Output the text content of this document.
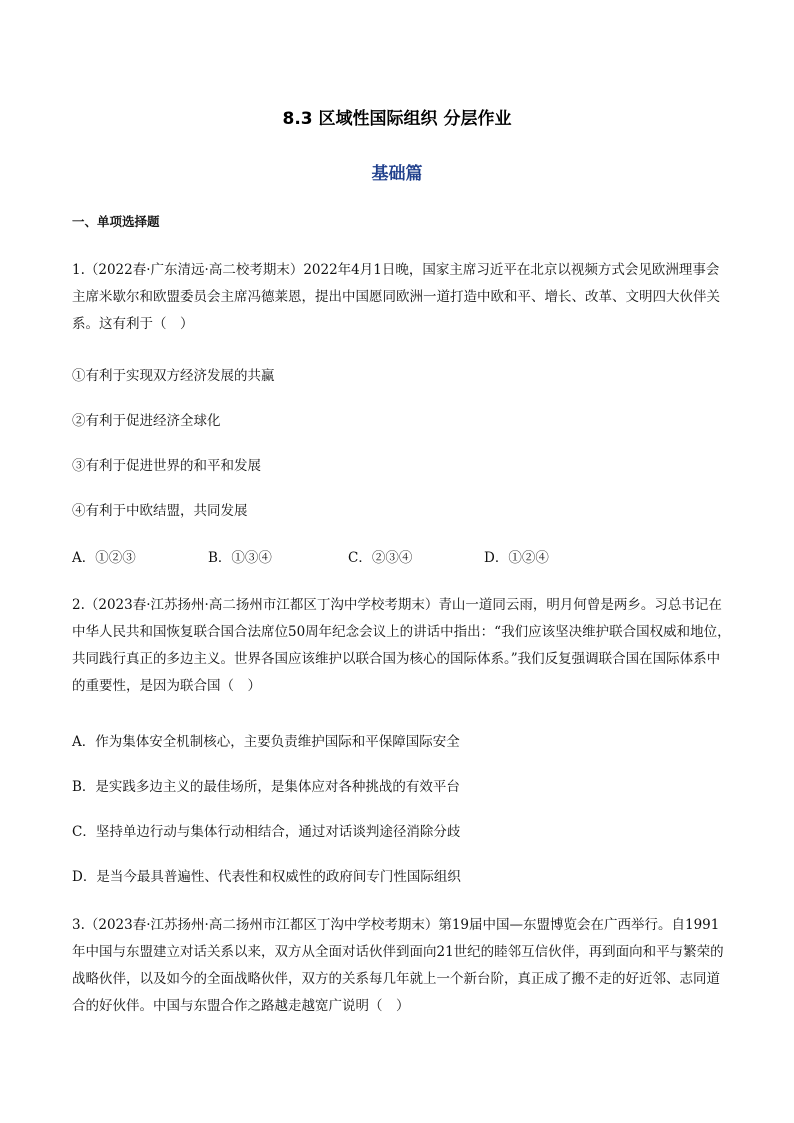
8.3 区域性国际组织 分层作业
基础篇
一、单项选择题
1.（2022春·广东清远·高二校考期末）2022年4月1日晚，国家主席习近平在北京以视频方式会见欧洲理事会主席米歇尔和欧盟委员会主席冯德莱恩，提出中国愿同欧洲一道打造中欧和平、增长、改革、文明四大伙伴关系。这有利于（　）
①有利于实现双方经济发展的共赢
②有利于促进经济全球化
③有利于促进世界的和平和发展
④有利于中欧结盟，共同发展
A．①②③	B．①③④	C．②③④	D．①②④
2.（2023春·江苏扬州·高二扬州市江都区丁沟中学校考期末）青山一道同云雨，明月何曾是两乡。习总书记在中华人民共和国恢复联合国合法席位50周年纪念会议上的讲话中指出：“我们应该坚决维护联合国权威和地位，共同践行真正的多边主义。世界各国应该维护以联合国为核心的国际体系。”我们反复强调联合国在国际体系中的重要性，是因为联合国（　）
A．作为集体安全机制核心，主要负责维护国际和平保障国际安全
B．是实践多边主义的最佳场所，是集体应对各种挑战的有效平台
C．坚持单边行动与集体行动相结合，通过对话谈判途径消除分歧
D．是当今最具普遍性、代表性和权威性的政府间专门性国际组织
3.（2023春·江苏扬州·高二扬州市江都区丁沟中学校考期末）第19届中国—东盟博览会在广西举行。自1991年中国与东盟建立对话关系以来，双方从全面对话伙伴到面向21世纪的睦邻互信伙伴，再到面向和平与繁荣的战略伙伴，以及如今的全面战略伙伴，双方的关系每几年就上一个新台阶，真正成了搬不走的好近邻、志同道合的好伙伴。中国与东盟合作之路越走越宽广说明（　）
